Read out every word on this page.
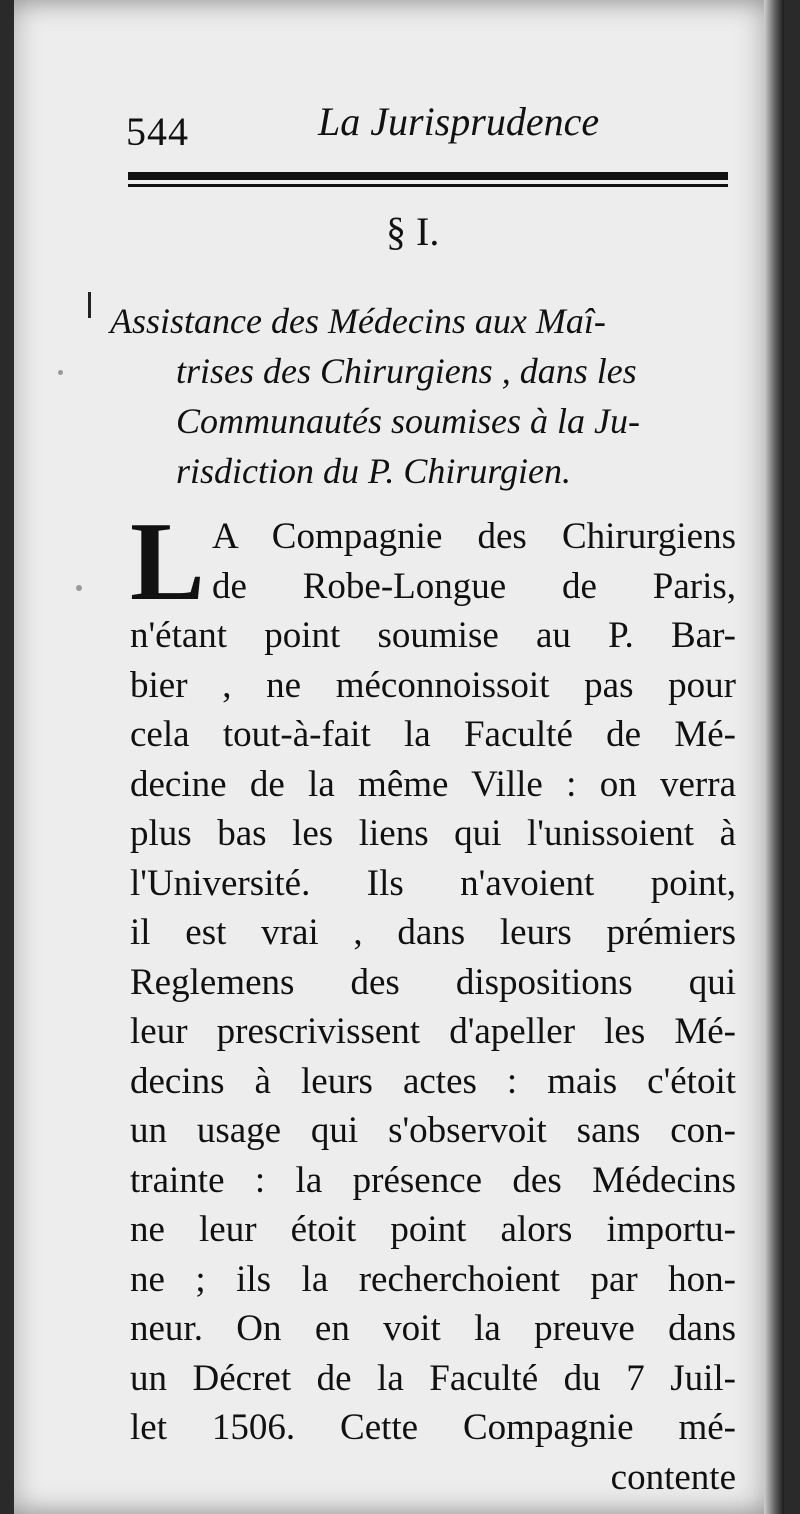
544	La Jurisprudence
§ I.
Assistance des Médecins aux Maî-
trises des Chirurgiens , dans les
Communautés soumises à la Ju-
risdiction du P. Chirurgien.
L A Compagnie des Chirurgiens
de Robe-Longue de Paris,
n'étant point soumise au P. Bar-
bier , ne méconnoissoit pas pour
cela tout-à-fait la Faculté de Mé-
decine de la même Ville : on verra
plus bas les liens qui l'unissoient à
l'Université. Ils n'avoient point,
il est vrai , dans leurs prémiers
Reglemens des dispositions qui
leur prescrivissent d'apeller les Mé-
decins à leurs actes : mais c'étoit
un usage qui s'observoit sans con-
trainte : la présence des Médecins
ne leur étoit point alors importu-
ne ; ils la recherchoient par hon-
neur. On en voit la preuve dans
un Décret de la Faculté du 7 Juil-
let 1506. Cette Compagnie mé-
contente
